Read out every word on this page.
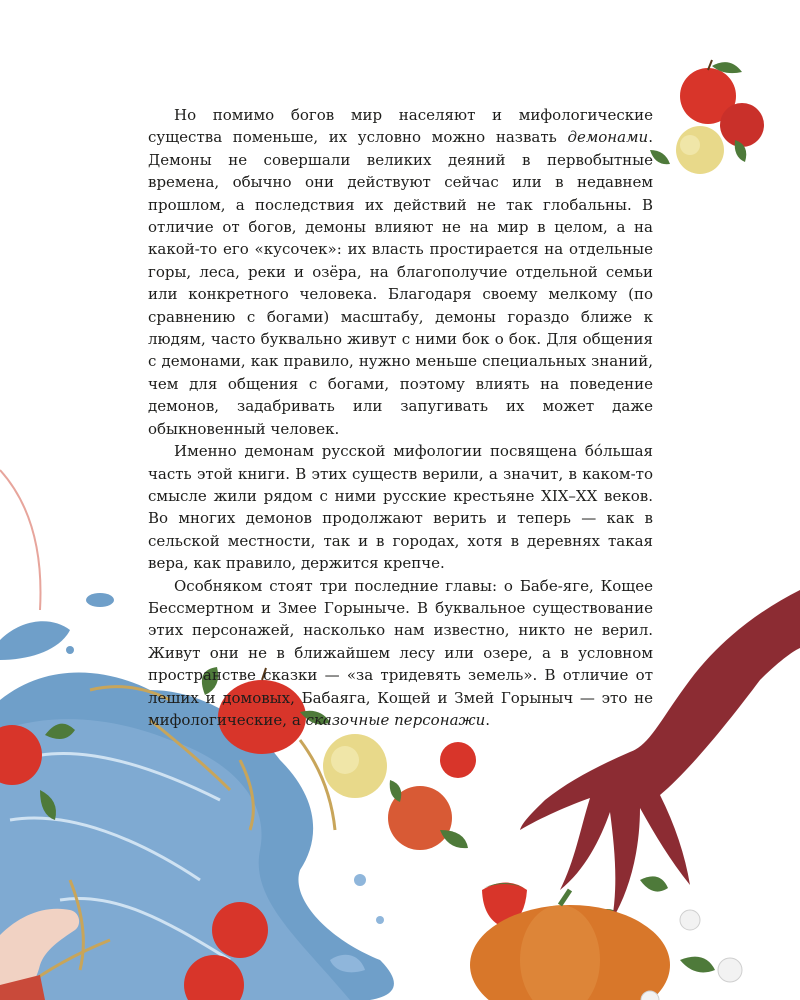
Но помимо богов мир населяют и мифологические существа поменьше, их условно можно назвать демонами. Демоны не совершали великих деяний в первобытные времена, обычно они действуют сейчас или в недавнем прошлом, а последствия их действий не так глобальны. В отличие от богов, демоны влияют не на мир в целом, а на какой-то его «кусочек»: их власть простирается на отдельные горы, леса, реки и озёра, на благополучие отдельной семьи или конкретного человека. Благодаря своему мелкому (по сравнению с богами) масштабу, демоны гораздо ближе к людям, часто буквально живут с ними бок о бок. Для общения с демонами, как правило, нужно меньше специальных знаний, чем для общения с богами, поэтому влиять на поведение демонов, задабривать или запугивать их может даже обыкновенный человек.

Именно демонам русской мифологии посвящена бóльшая часть этой книги. В этих существ верили, а значит, в каком-то смысле жили рядом с ними русские крестьяне XIX–XX веков. Во многих демонов продолжают верить и теперь — как в сельской местности, так и в городах, хотя в деревнях такая вера, как правило, держится крепче.

Особняком стоят три последние главы: о Бабе-яге, Кощее Бессмертном и Змее Горыныче. В буквальное существование этих персонажей, насколько нам известно, никто не верил. Живут они не в ближайшем лесу или озере, а в условном пространстве сказки — «за тридевять земель». В отличие от леших и домовых, Бабаяга, Кощей и Змей Горыныч — это не мифологические, а сказочные персонажи.
